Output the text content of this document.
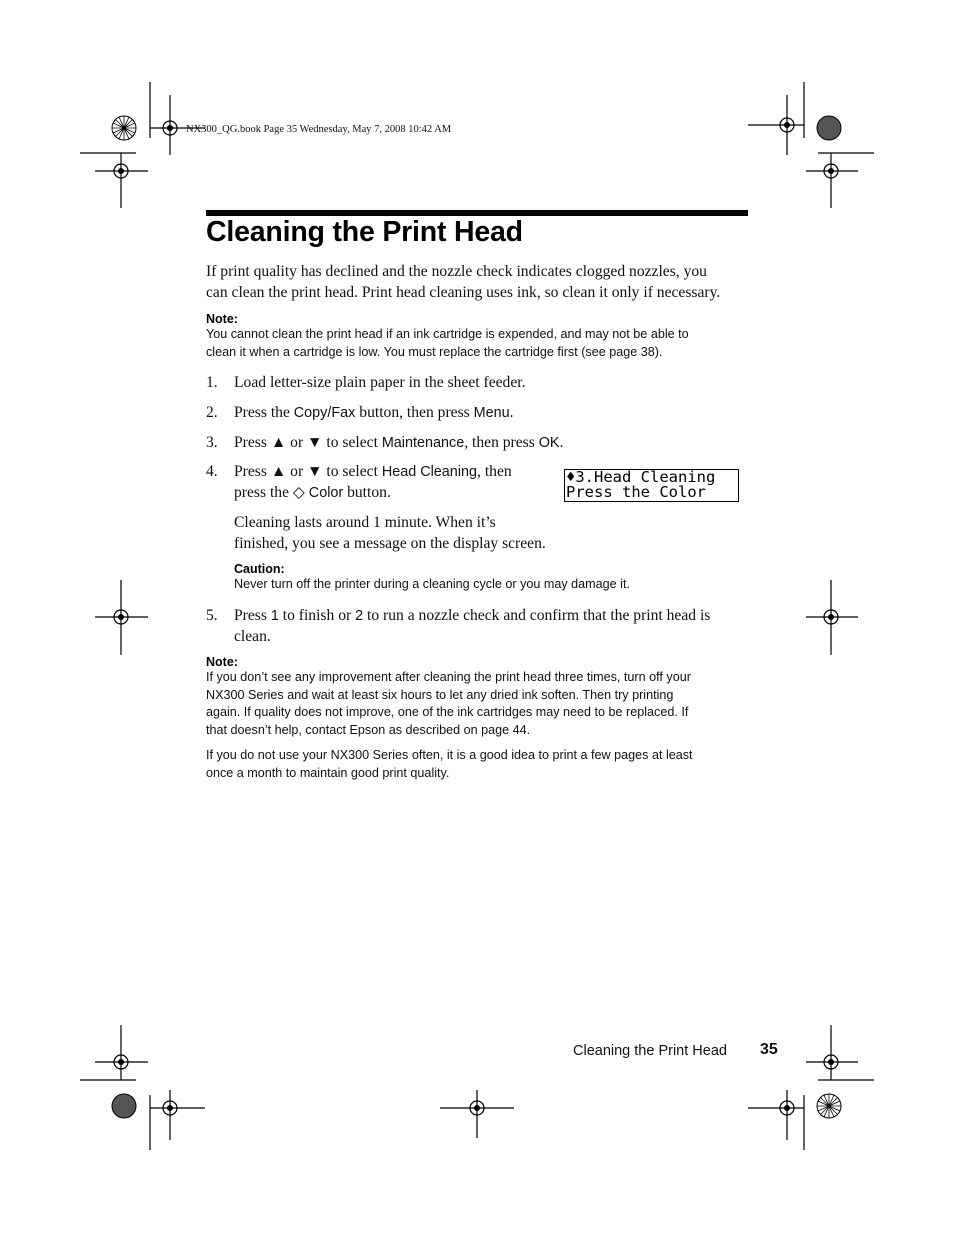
NX300_QG.book Page 35 Wednesday, May 7, 2008 10:42 AM
Cleaning the Print Head
If print quality has declined and the nozzle check indicates clogged nozzles, you
can clean the print head. Print head cleaning uses ink, so clean it only if necessary.
Note:
You cannot clean the print head if an ink cartridge is expended, and may not be able to
clean it when a cartridge is low. You must replace the cartridge first (see page 38).
1. Load letter-size plain paper in the sheet feeder.
2. Press the Copy/Fax button, then press Menu.
3. Press ▲ or ▼ to select Maintenance, then press OK.
4. Press ▲ or ▼ to select Head Cleaning, then
press the ◇ Color button.
Cleaning lasts around 1 minute. When it’s
finished, you see a message on the display screen.
♦3.Head Cleaning
Press the Color
Caution:
Never turn off the printer during a cleaning cycle or you may damage it.
5. Press 1 to finish or 2 to run a nozzle check and confirm that the print head is
clean.
Note:
If you don’t see any improvement after cleaning the print head three times, turn off your
NX300 Series and wait at least six hours to let any dried ink soften. Then try printing
again. If quality does not improve, one of the ink cartridges may need to be replaced. If
that doesn’t help, contact Epson as described on page 44.
If you do not use your NX300 Series often, it is a good idea to print a few pages at least
once a month to maintain good print quality.
Cleaning the Print Head 35
